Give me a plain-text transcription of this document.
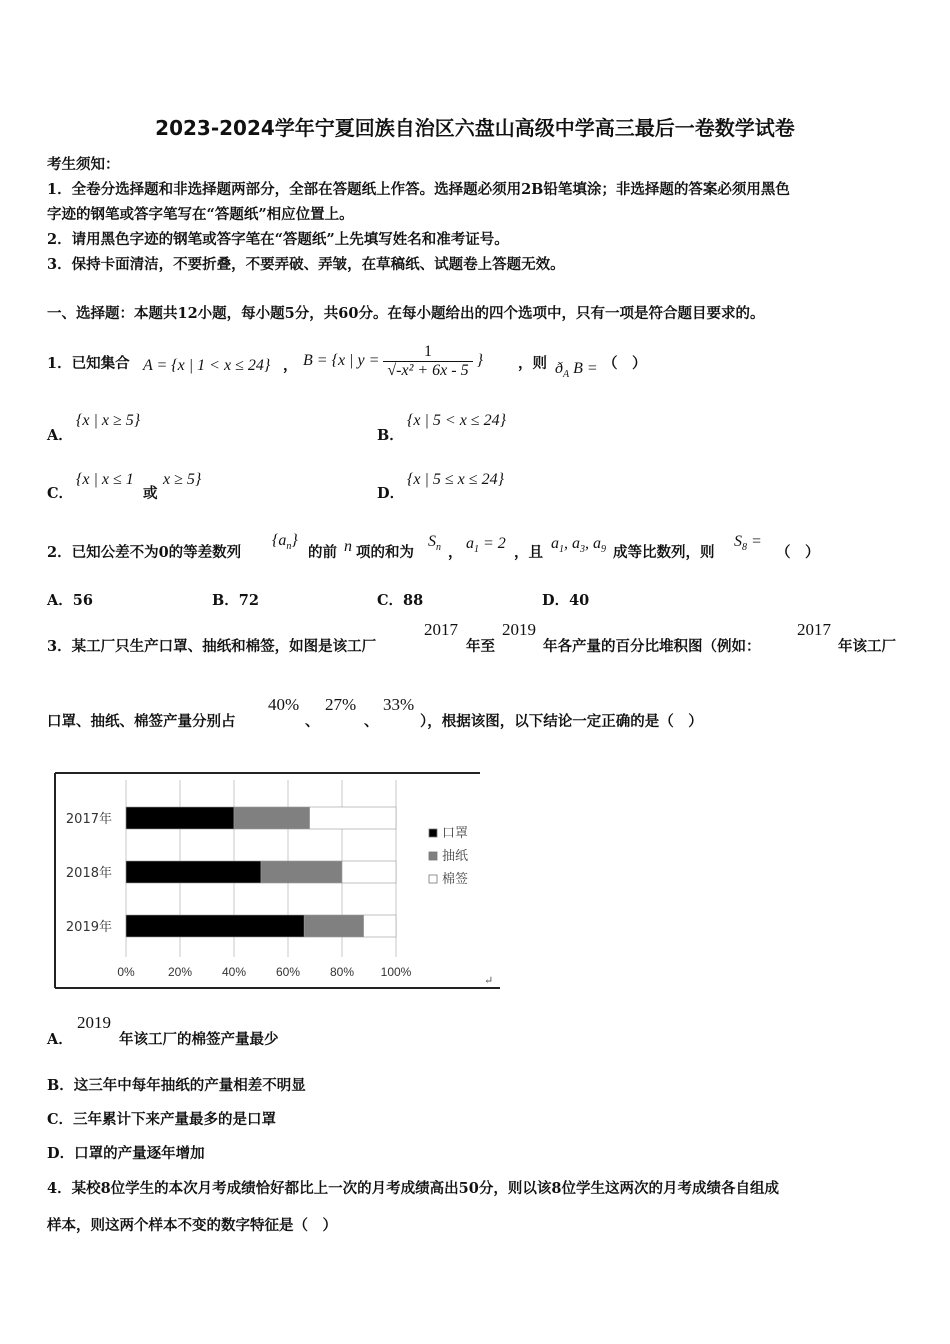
2023-2024学年宁夏回族自治区六盘山高级中学高三最后一卷数学试卷
考生须知：
1．全卷分选择题和非选择题两部分，全部在答题纸上作答。选择题必须用2B铅笔填涂；非选择题的答案必须用黑色
字迹的钢笔或答字笔写在“答题纸”相应位置上。
2．请用黑色字迹的钢笔或答字笔在“答题纸”上先填写姓名和准考证号。
3．保持卡面清洁，不要折叠，不要弄破、弄皱，在草稿纸、试题卷上答题无效。
一、选择题：本题共12小题，每小题5分，共60分。在每小题给出的四个选项中，只有一项是符合题目要求的。
1．已知集合 A = {x | 1 < x ≤ 24} ， B = {x | $y = \frac{1}{\text{√-x² + 6x - 5}}$ } ，则 $ð_A$ B = （　）
A．
{x | x ≥ 5}
B．
{x | 5 < x ≤ 24}
C．
{x | x ≤ 1
或
x ≥ 5}
D．
{x | 5 ≤ x ≤ 24}
2．已知公差不为0的等差数列
$\{a_n\}$
的前 n 项的和为
$S_n$ ，
$a_1 = 2$
，且
$a_1$, $a_3$, $a_9$ 成等比数列，则
$S_8$ =
（　）
A．56	B．72	C．88	D．40
3．某工厂只生产口罩、抽纸和棉签，如图是该工厂
2017
年至
2019
年各产量的百分比堆积图（例如：
2017
年该工厂
口罩、抽纸、棉签产量分别占
40%
、
27%
、
33%
），根据该图，以下结论一定正确的是（　）
0%	20% 40% 60% 80% 100%
2017年
2018年
2019年
口罩
抽纸
棉签
↵
A．
2019
年该工厂的棉签产量最少
B．这三年中每年抽纸的产量相差不明显
C．三年累计下来产量最多的是口罩
D．口罩的产量逐年增加
4．某校8位学生的本次月考成绩恰好都比上一次的月考成绩高出50分，则以该8位学生这两次的月考成绩各自组成
样本，则这两个样本不变的数字特征是（　）
